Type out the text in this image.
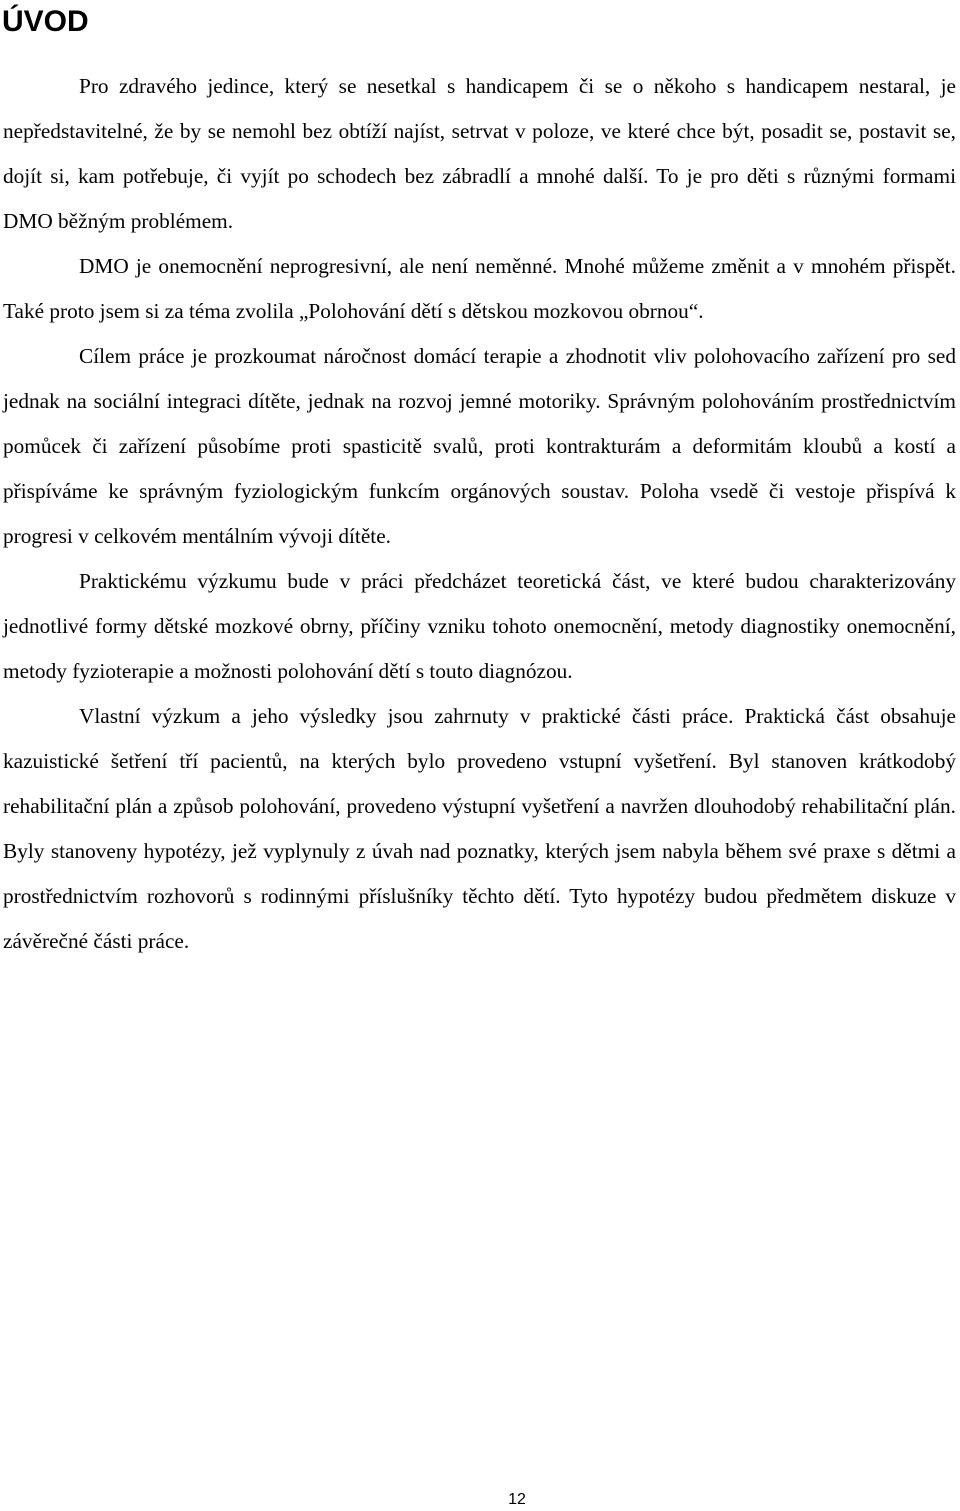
ÚVOD

Pro zdravého jedince, který se nesetkal s handicapem či se o někoho s handicapem nestaral, je nepředstavitelné, že by se nemohl bez obtíží najíst, setrvat v poloze, ve které chce být, posadit se, postavit se, dojít si, kam potřebuje, či vyjít po schodech bez zábradlí a mnohé další. To je pro děti s různými formami DMO běžným problémem.

DMO je onemocnění neprogresivní, ale není neměnné. Mnohé můžeme změnit a v mnohém přispět. Také proto jsem si za téma zvolila „Polohování dětí s dětskou mozkovou obrnou“.

Cílem práce je prozkoumat náročnost domácí terapie a zhodnotit vliv polohovacího zařízení pro sed jednak na sociální integraci dítěte, jednak na rozvoj jemné motoriky. Správným polohováním prostřednictvím pomůcek či zařízení působíme proti spasticitě svalů, proti kontrakturám a deformitám kloubů a kostí a přispíváme ke správným fyziologickým funkcím orgánových soustav. Poloha vsedě či vestoje přispívá k progresi v celkovém mentálním vývoji dítěte.

Praktickému výzkumu bude v práci předcházet teoretická část, ve které budou charakterizovány jednotlivé formy dětské mozkové obrny, příčiny vzniku tohoto onemocnění, metody diagnostiky onemocnění, metody fyzioterapie a možnosti polohování dětí s touto diagnózou.

Vlastní výzkum a jeho výsledky jsou zahrnuty v praktické části práce. Praktická část obsahuje kazuistické šetření tří pacientů, na kterých bylo provedeno vstupní vyšetření. Byl stanoven krátkodobý rehabilitační plán a způsob polohování, provedeno výstupní vyšetření a navržen dlouhodobý rehabilitační plán. Byly stanoveny hypotézy, jež vyplynuly z úvah nad poznatky, kterých jsem nabyla během své praxe s dětmi a prostřednictvím rozhovorů s rodinnými příslušníky těchto dětí. Tyto hypotézy budou předmětem diskuze v závěrečné části práce.

12
